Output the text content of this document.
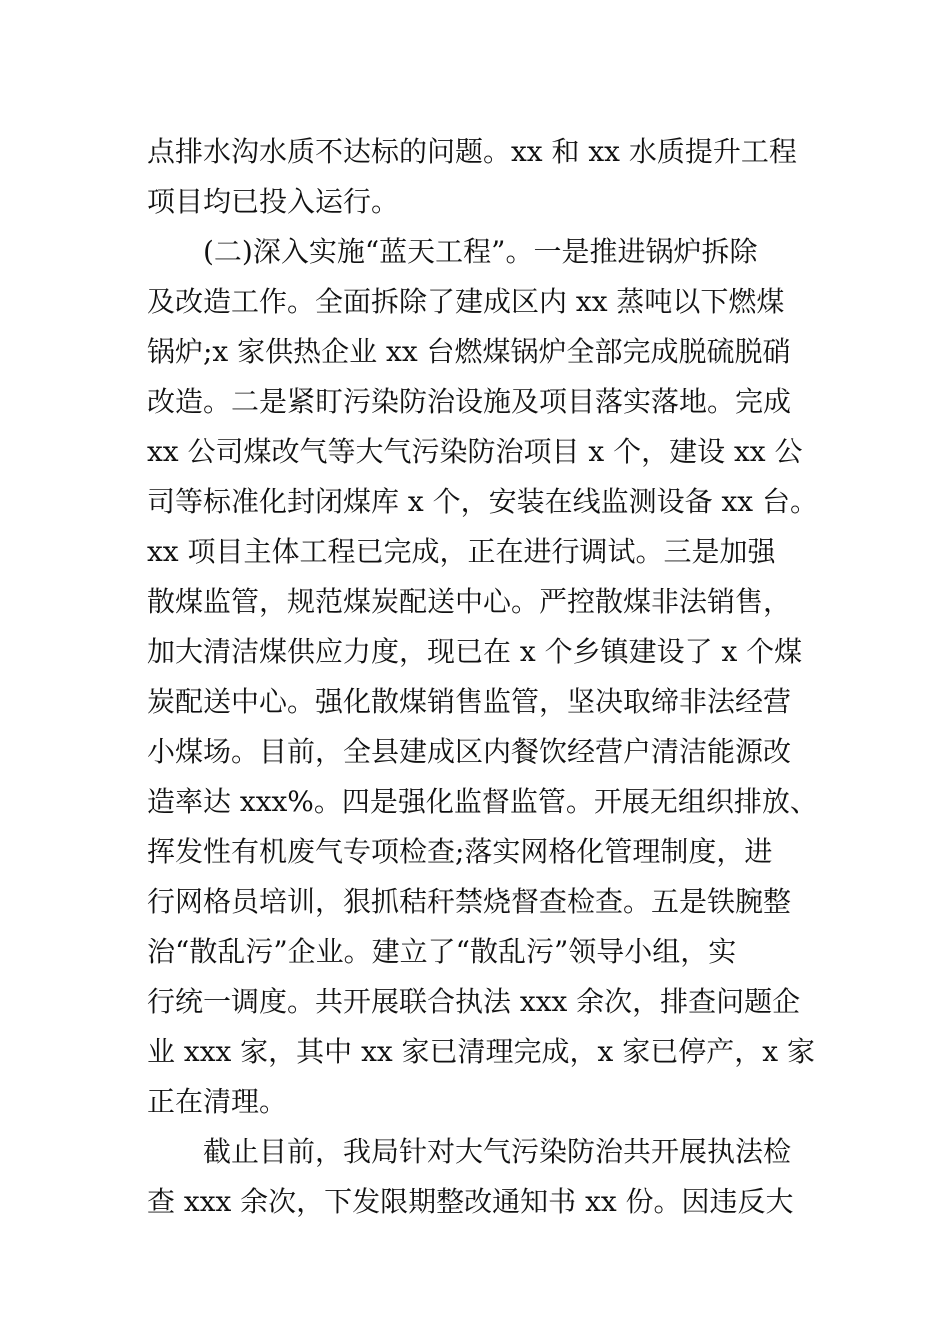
点排水沟水质不达标的问题。xx 和 xx 水质提升工程
项目均已投入运行。
　　(二)深入实施“蓝天工程”。一是推进锅炉拆除
及改造工作。全面拆除了建成区内 xx 蒸吨以下燃煤
锅炉;x 家供热企业 xx 台燃煤锅炉全部完成脱硫脱硝
改造。二是紧盯污染防治设施及项目落实落地。完成
xx 公司煤改气等大气污染防治项目 x 个，建设 xx 公
司等标准化封闭煤库 x 个，安装在线监测设备 xx 台。
xx 项目主体工程已完成，正在进行调试。三是加强
散煤监管，规范煤炭配送中心。严控散煤非法销售，
加大清洁煤供应力度，现已在 x 个乡镇建设了 x 个煤
炭配送中心。强化散煤销售监管，坚决取缔非法经营
小煤场。目前，全县建成区内餐饮经营户清洁能源改
造率达 xxx%。四是强化监督监管。开展无组织排放、
挥发性有机废气专项检查;落实网格化管理制度，进
行网格员培训，狠抓秸秆禁烧督查检查。五是铁腕整
治“散乱污”企业。建立了“散乱污”领导小组，实
行统一调度。共开展联合执法 xxx 余次，排查问题企
业 xxx 家，其中 xx 家已清理完成，x 家已停产，x 家
正在清理。
　　截止目前，我局针对大气污染防治共开展执法检
查 xxx 余次，下发限期整改通知书 xx 份。因违反大
